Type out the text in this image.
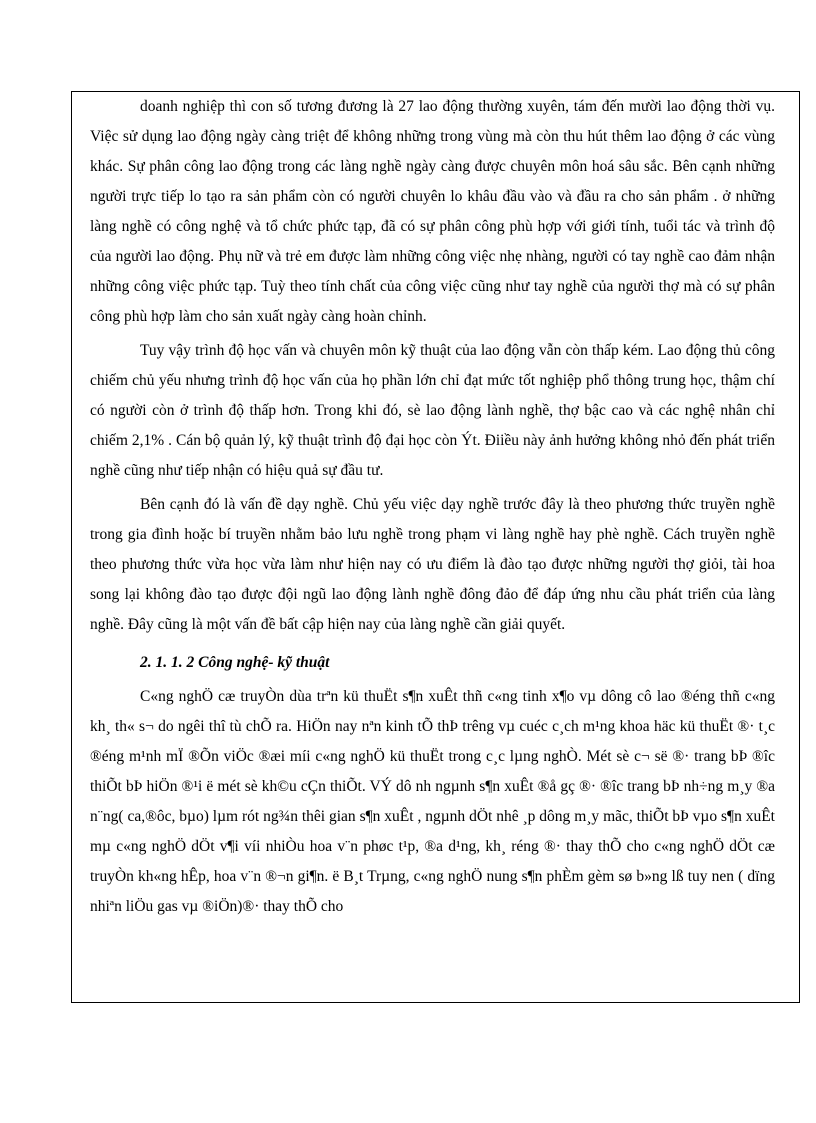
doanh nghiệp thì con số tương đương là 27 lao động thường xuyên, tám đến mười lao động thời vụ. Việc sử dụng lao động ngày càng triệt để không những trong vùng mà còn thu hút thêm lao động ở các vùng khác. Sự phân công lao động trong các làng nghề ngày càng được chuyên môn hoá sâu sắc. Bên cạnh những người trực tiếp lo tạo ra sản phẩm còn có người chuyên lo khâu đầu vào và đầu ra cho sản phẩm . ở những làng nghề có công nghệ và tổ chức phức tạp, đã có sự phân công phù hợp với giới tính, tuổi tác và trình độ của người lao động. Phụ nữ và trẻ em được làm những công việc nhẹ nhàng, người có tay nghề cao đảm nhận những công việc phức tạp. Tuỳ theo tính chất của công việc cũng như tay nghề của người thợ mà có sự phân công phù hợp làm cho sản xuất ngày càng hoàn chỉnh.

Tuy vậy trình độ học vấn và chuyên môn kỹ thuật của lao động vẫn còn thấp kém. Lao động thủ công chiếm chủ yếu nhưng trình độ học vấn của họ phần lớn chỉ đạt mức tốt nghiệp phổ thông trung học, thậm chí có người còn ở trình độ thấp hơn. Trong khi đó, sè lao động lành nghề, thợ bậc cao và các nghệ nhân chỉ chiếm 2,1% . Cán bộ quản lý, kỹ thuật trình độ đại học còn Ýt. Điiều này ảnh hưởng không nhỏ đến phát triển nghề cũng như tiếp nhận có hiệu quả sự đầu tư.

Bên cạnh đó là vấn đề dạy nghề. Chủ yếu việc dạy nghề trước đây là theo phương thức truyền nghề trong gia đình hoặc bí truyền nhằm bảo lưu nghề trong phạm vi làng nghề hay phè nghề. Cách truyền nghề theo phương thức vừa học vừa làm như hiện nay có ưu điểm là đào tạo được những người thợ giỏi, tài hoa song lại không đào tạo được đội ngũ lao động lành nghề đông đảo để đáp ứng nhu cầu phát triển của làng nghề. Đây cũng là một vấn đề bất cập hiện nay của làng nghề cần giải quyết.

2. 1. 1. 2 Công nghệ- kỹ thuật

C«ng nghÖ cæ truyÒn dùa trªn kü thuËt s¶n xuÊt thñ c«ng tinh x¶o vµ dông cô lao ®éng thñ c«ng kh¸ th« s¬ do ngêi thî tù chÕ ra. HiÖn nay nªn kinh tÕ thÞ trêng vµ cuéc c¸ch m¹ng khoa häc kü thuËt ®· t¸c ®éng m¹nh mÏ ®Õn viÖc ®æi míi c«ng nghÖ kü thuËt trong c¸c lµng nghÒ. Mét sè c¬ së ®· trang bÞ ®îc thiÕt bÞ hiÖn ®¹i ë mét sè kh©u cÇn thiÕt. VÝ dô nh ngµnh s¶n xuÊt ®å gç ®· ®îc trang bÞ nh÷ng m¸y ®a n¨ng( ca,®ôc, bµo) lµm rót ng¾n thêi gian s¶n xuÊt , ngµnh dÖt nhê ¸p dông m¸y mãc, thiÕt bÞ vµo s¶n xuÊt mµ c«ng nghÖ dÖt v¶i víi nhiÒu hoa v¨n phøc t¹p, ®a d¹ng, kh¸ réng ®· thay thÕ cho c«ng nghÖ dÖt cæ truyÒn kh«ng hÊp, hoa v¨n ®¬n gi¶n. ë B¸t Trµng, c«ng nghÖ nung s¶n phÈm gèm sø b»ng lß tuy nen ( dïng nhiªn liÖu gas vµ ®iÖn)®· thay thÕ cho
